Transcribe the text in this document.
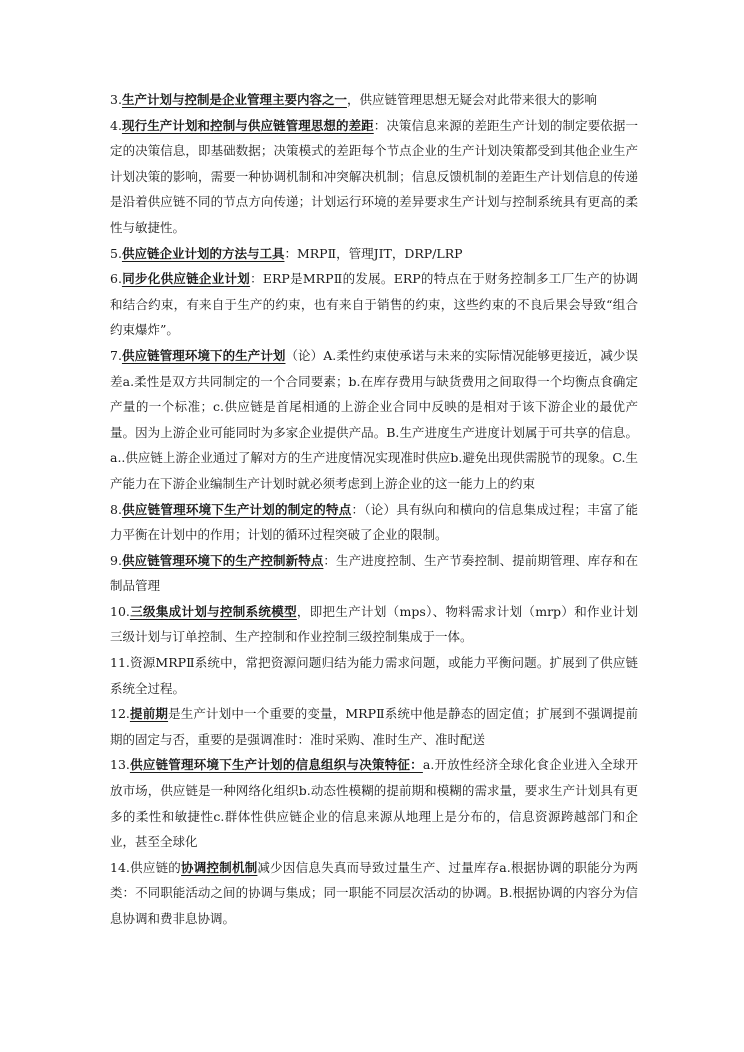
3.生产计划与控制是企业管理主要内容之一，供应链管理思想无疑会对此带来很大的影响

4.现行生产计划和控制与供应链管理思想的差距：决策信息来源的差距生产计划的制定要依据一定的决策信息，即基础数据；决策模式的差距每个节点企业的生产计划决策都受到其他企业生产计划决策的影响，需要一种协调机制和冲突解决机制；信息反馈机制的差距生产计划信息的传递是沿着供应链不同的节点方向传递；计划运行环境的差异要求生产计划与控制系统具有更高的柔性与敏捷性。

5.供应链企业计划的方法与工具：MRPⅡ，管理JIT，DRP/LRP

6.同步化供应链企业计划：ERP是MRPⅡ的发展。ERP的特点在于财务控制多工厂生产的协调和结合约束，有来自于生产的约束，也有来自于销售的约束，这些约束的不良后果会导致“组合约束爆炸”。

7.供应链管理环境下的生产计划（论）A.柔性约束使承诺与未来的实际情况能够更接近，减少误差a.柔性是双方共同制定的一个合同要素；b.在库存费用与缺货费用之间取得一个均衡点食确定产量的一个标准；c.供应链是首尾相通的上游企业合同中反映的是相对于该下游企业的最优产量。因为上游企业可能同时为多家企业提供产品。B.生产进度生产进度计划属于可共享的信息。a..供应链上游企业通过了解对方的生产进度情况实现准时供应b.避免出现供需脱节的现象。C.生产能力在下游企业编制生产计划时就必须考虑到上游企业的这一能力上的约束

8.供应链管理环境下生产计划的制定的特点：（论）具有纵向和横向的信息集成过程；丰富了能力平衡在计划中的作用；计划的循环过程突破了企业的限制。

9.供应链管理环境下的生产控制新特点：生产进度控制、生产节奏控制、提前期管理、库存和在制品管理

10.三级集成计划与控制系统模型，即把生产计划（mps）、物料需求计划（mrp）和作业计划三级计划与订单控制、生产控制和作业控制三级控制集成于一体。

11.资源MRPⅡ系统中，常把资源问题归结为能力需求问题，或能力平衡问题。扩展到了供应链系统全过程。

12.提前期是生产计划中一个重要的变量，MRPⅡ系统中他是静态的固定值；扩展到不强调提前期的固定与否，重要的是强调准时：准时采购、准时生产、准时配送

13.供应链管理环境下生产计划的信息组织与决策特征：a.开放性经济全球化食企业进入全球开放市场，供应链是一种网络化组织b.动态性模糊的提前期和模糊的需求量，要求生产计划具有更多的柔性和敏捷性c.群体性供应链企业的信息来源从地理上是分布的，信息资源跨越部门和企业，甚至全球化

14.供应链的协调控制机制减少因信息失真而导致过量生产、过量库存a.根据协调的职能分为两类：不同职能活动之间的协调与集成；同一职能不同层次活动的协调。B.根据协调的内容分为信息协调和费非息协调。
